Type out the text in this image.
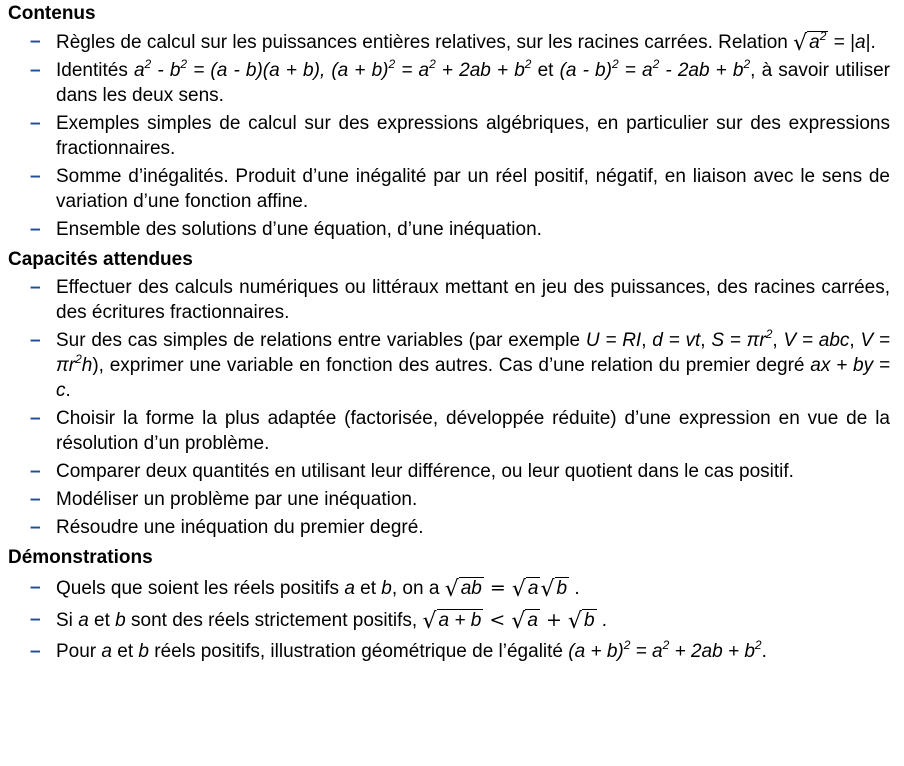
Contenus
– Règles de calcul sur les puissances entières relatives, sur les racines carrées. Relation √ $a^2 = |a|$.
– Identités $a^2 - b^2 = (a - b)(a + b)$, $(a + b)^2 = a^2 + 2ab + b^2$ et $(a - b)^2 = a^2 - 2ab + b^2$, à savoir utiliser dans les deux sens.
– Exemples simples de calcul sur des expressions algébriques, en particulier sur des expressions fractionnaires.
– Somme d’inégalités. Produit d’une inégalité par un réel positif, négatif, en liaison avec le sens de variation d’une fonction affine.
– Ensemble des solutions d’une équation, d’une inéquation.
Capacités attendues
– Effectuer des calculs numériques ou littéraux mettant en jeu des puissances, des racines carrées, des écritures fractionnaires.
– Sur des cas simples de relations entre variables (par exemple U = RI, d = vt, $S = \pi r^2$, V = abc, $V = \pi r^2h$), exprimer une variable en fonction des autres. Cas d’une relation du premier degré ax + by = c.
– Choisir la forme la plus adaptée (factorisée, développée réduite) d’une expression en vue de la résolution d’un problème.
– Comparer deux quantités en utilisant leur différence, ou leur quotient dans le cas positif.
– Modéliser un problème par une inéquation.
– Résoudre une inéquation du premier degré.
Démonstrations
– Quels que soient les réels positifs a et b, on a √ ab = √ a√ b .
– Si a et b sont des réels strictement positifs, √ a + b < √ a + √ b .
– Pour a et b réels positifs, illustration géométrique de l’égalité $(a + b)^2 = a^2 + 2ab + b^2$.
